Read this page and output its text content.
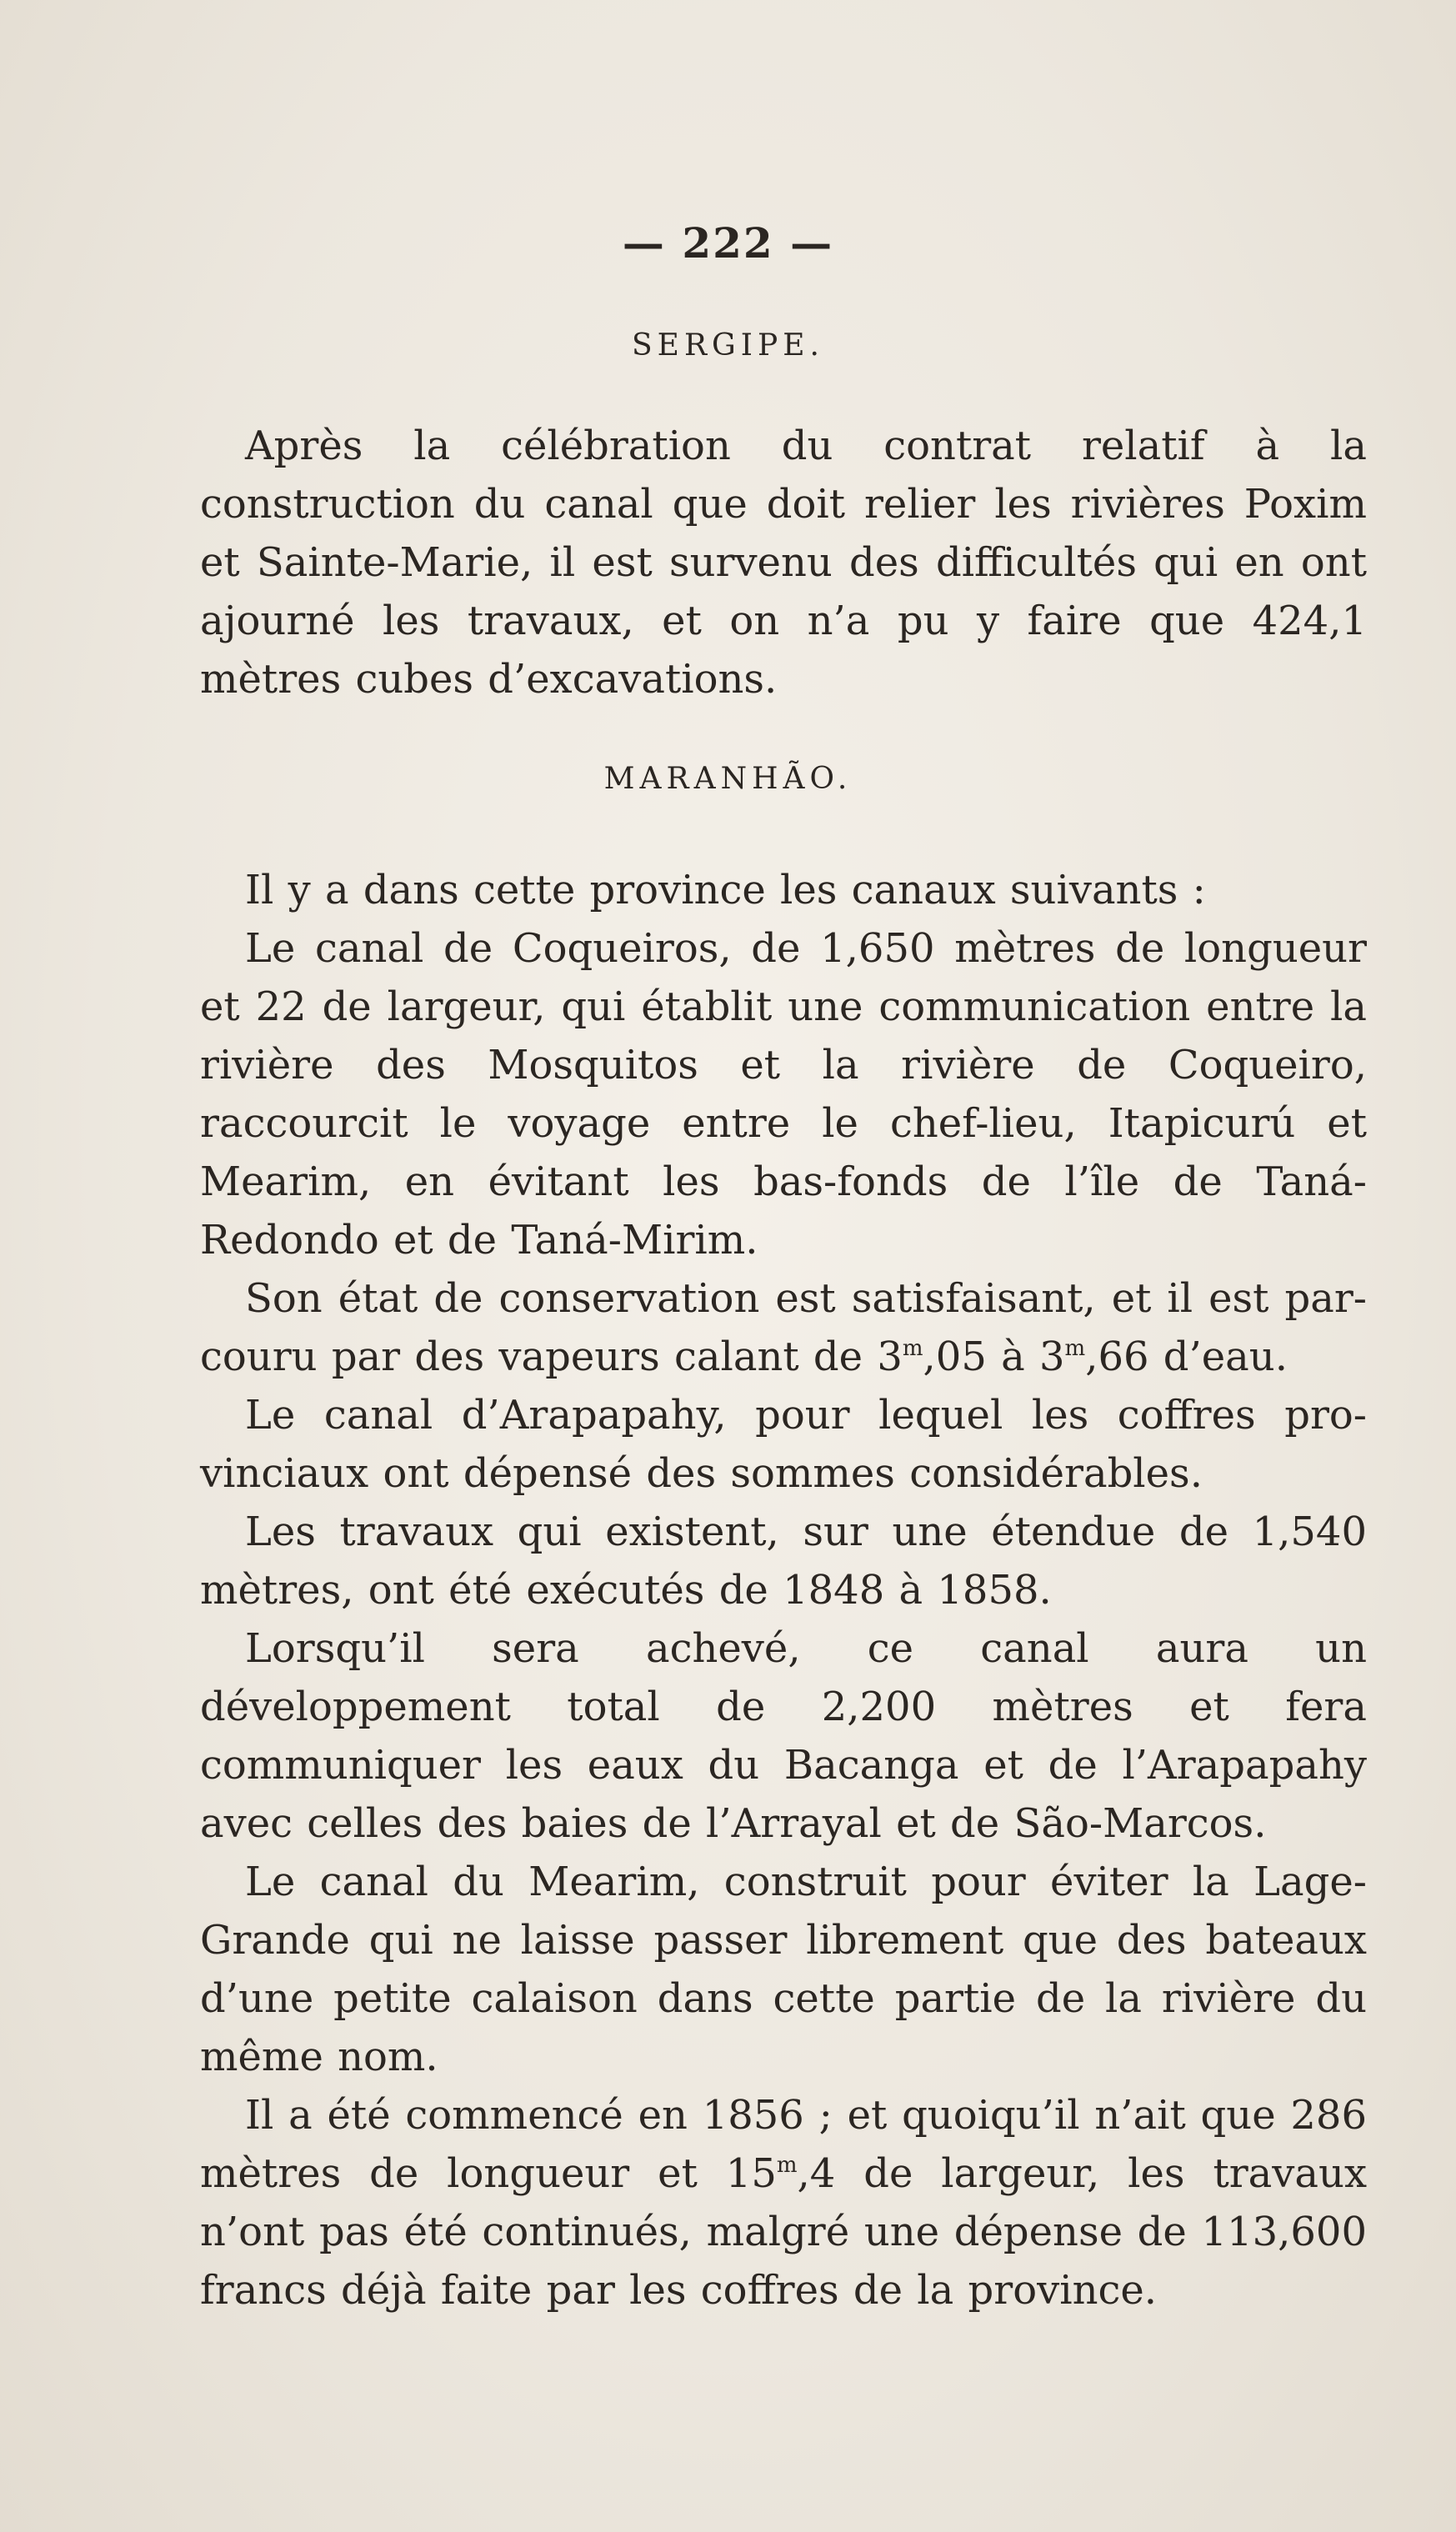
— 222 —
SERGIPE.

Après la célébration du contrat relatif à la construction du canal que doit relier les rivières Poxim et Sainte-Marie, il est survenu des difficultés qui en ont ajourné les travaux, et on n’a pu y faire que 424,1 mètres cubes d’excavations.

MARANHÃO.

Il y a dans cette province les canaux suivants :

Le canal de Coqueiros, de 1,650 mètres de longueur et 22 de largeur, qui établit une communication entre la rivière des Mosquitos et la rivière de Coqueiro, raccourcit le voyage entre le chef-lieu, Itapicurú et Mearim, en évitant les bas-fonds de l’île de Taná-Redondo et de Taná-Mirim.

Son état de conservation est satisfaisant, et il est parcouru par des vapeurs calant de 3$^m$,05 à 3$^m$,66 d’eau.

Le canal d’Arapapahy, pour lequel les coffres provinciaux ont dépensé des sommes considérables.

Les travaux qui existent, sur une étendue de 1,540 mètres, ont été exécutés de 1848 à 1858.

Lorsqu’il sera achevé, ce canal aura un développement total de 2,200 mètres et fera communiquer les eaux du Bacanga et de l’Arapapahy avec celles des baies de l’Arrayal et de São-Marcos.

Le canal du Mearim, construit pour éviter la Lage-Grande qui ne laisse passer librement que des bateaux d’une petite calaison dans cette partie de la rivière du même nom.

Il a été commencé en 1856 ; et quoiqu’il n’ait que 286 mètres de longueur et 15$^m$,4 de largeur, les travaux n’ont pas été continués, malgré une dépense de 113,600 francs déjà faite par les coffres de la province.
